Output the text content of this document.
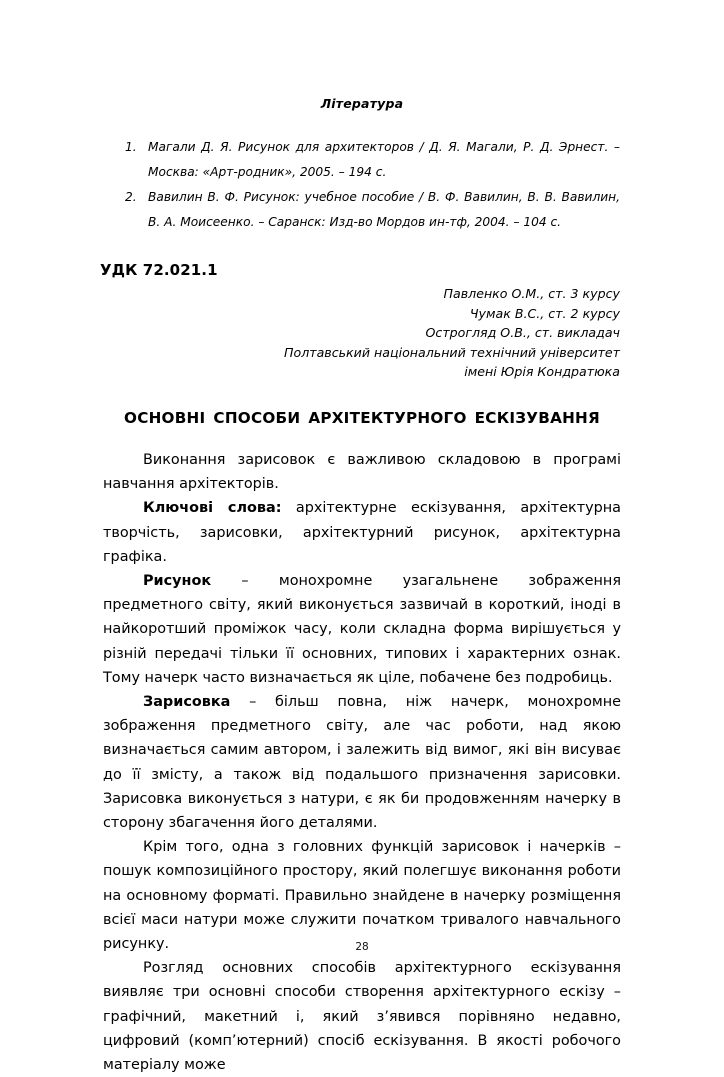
Література
1. Магали Д. Я. Рисунок для архитекторов / Д. Я. Магали, Р. Д. Эрнест. – Москва: «Арт-родник», 2005. – 194 с.
2. Вавилин В. Ф. Рисунок: учебное пособие / В. Ф. Вавилин, В. В. Вавилин, В. А. Моисеенко. – Саранск: Изд-во Мордов ин-тф, 2004. – 104 с.
УДК 72.021.1
Павленко О.М., ст. 3 курсу
Чумак В.С., ст. 2 курсу
Острогляд О.В., ст. викладач
Полтавський національний технічний університет
імені Юрія Кондратюка
ОСНОВНІ СПОСОБИ АРХІТЕКТУРНОГО ЕСКІЗУВАННЯ

Виконання зарисовок є важливою складовою в програмі навчання архітекторів.

Ключові слова: архітектурне ескізування, архітектурна творчість, зарисовки, архітектурний рисунок, архітектурна графіка.

Рисунок – монохромне узагальнене зображення предметного світу, який виконується зазвичай в короткий, іноді в найкоротший проміжок часу, коли складна форма вирішується у різній передачі тільки її основних, типових і характерних ознак. Тому начерк часто визначається як ціле, побачене без подробиць.

Зарисовка – більш повна, ніж начерк, монохромне зображення предметного світу, але час роботи, над якою визначається самим автором, і залежить від вимог, які він висуває до її змісту, а також від подальшого призначення зарисовки. Зарисовка виконується з натури, є як би продовженням начерку в сторону збагачення його деталями.

Крім того, одна з головних функцій зарисовок і начерків – пошук композиційного простору, який полегшує виконання роботи на основному форматі. Правильно знайдене в начерку розміщення всієї маси натури може служити початком тривалого навчального рисунку.

Розгляд основних способів архітектурного ескізування виявляє три основні способи створення архітектурного ескізу – графічний, макетний і, який з’явився порівняно недавно, цифровий (комп’ютерний) спосіб ескізування. В якості робочого матеріалу може

28
